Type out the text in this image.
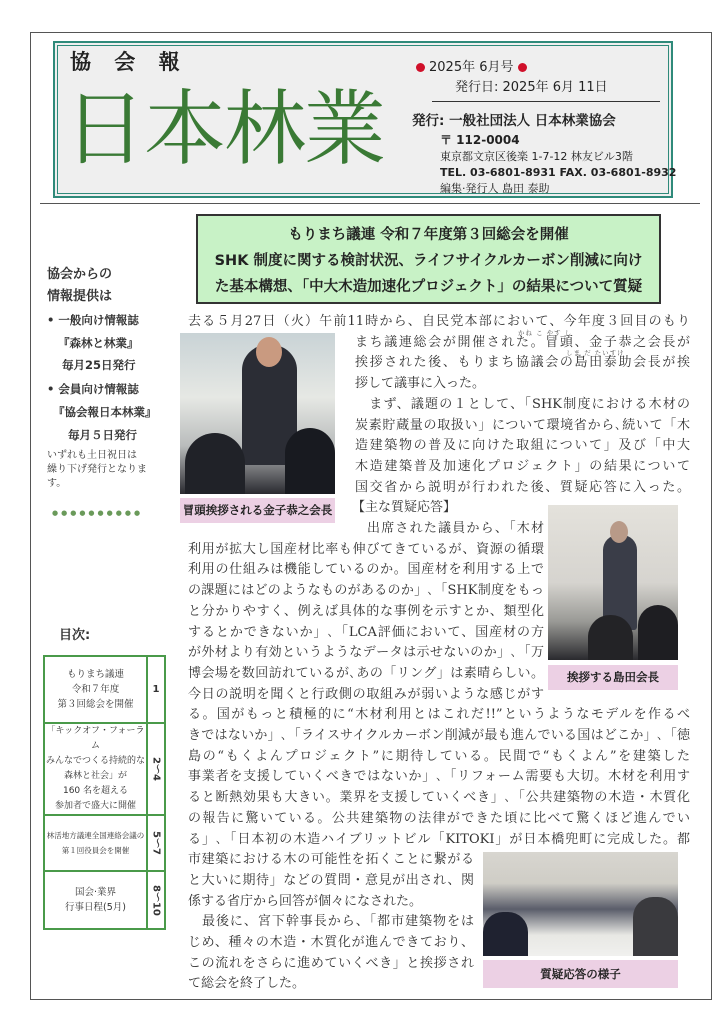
協 会 報
日本林業
2025年 6月号
発行日: 2025年 6月 11日
発行: 一般社団法人 日本林業協会
〒 112-0004
東京都文京区後楽 1-7-12 林友ビル3階
TEL. 03-6801-8931 FAX. 03-6801-8932
編集·発行人 島田 泰助
協会からの
情報提供は
• 一般向け情報誌
『森林と林業』
毎月25日発行
• 会員向け情報誌
『協会報日本林業』
毎月５日発行
いずれも土日祝日は
繰り下げ発行となりま
す。
●●●●●●●●●●
目次:
もりまち議連
令和７年度
第３回総会を開催	1

「キックオフ・フォーラム
みんなでつくる持続的な
森林と社会」が
160 名を超える
参加者で盛大に開催	2〜4

林活地方議連全国連絡会議の
第１回役員会を開催	5〜7

国会·業界
行事日程(5月)	8〜10
もりまち議連 令和７年度第３回総会を開催
SHK 制度に関する検討状況、ライフサイクルカーボン削減に向け
た基本構想、「中大木造加速化プロジェクト」の結果について質疑
冒頭挨拶される金子恭之会長
挨拶する島田会長
質疑応答の様子
かね こ やす し
しま だ たいすけ
去る５月27日（火）午前11時から、自民党本部において、今年度３回目のもり
まち議連総会が開催された。冒頭、金子恭之会長が
挨拶された後、もりまち協議会の島田泰助会長が挨
拶して議事に入った。
　まず、議題の１として、「SHK制度における木材の
炭素貯蔵量の取扱い」について環境省から､続いて「木
造建築物の普及に向けた取組について」及び「中大
木造建築普及加速化プロジェクト」の結果について
国交省から説明が行われた後、質疑応答に入った。
【主な質疑応答】
出席された議員から、「木材
利用が拡大し国産材比率も伸びてきているが、資源の循環
利用の仕組みは機能しているのか。国産材を利用する上で
の課題にはどのようなものがあるのか」､「SHK制度をもっ
と分かりやすく、例えば具体的な事例を示すとか、類型化
するとかできないか」､「LCA評価において、国産材の方
が外材より有効というようなデータは示せないのか」､「万
博会場を数回訪れているが､あの「リング」は素晴らしい。
今日の説明を聞くと行政側の取組みが弱いような感じがす
る。国がもっと積極的に“木材利用とはこれだ!!”というようなモデルを作るべ
きではないか」､「ライスサイクルカーボン削減が最も進んでいる国はどこか」､「徳
島の“もくよんプロジェクト”に期待している。民間で“もくよん”を建築した
事業者を支援していくべきではないか」､「リフォーム需要も大切。木材を利用す
ると断熱効果も大きい。業界を支援していくべき」､「公共建築物の木造・木質化
の報告に驚いている。公共建築物の法律ができた頃に比べて驚くほど進んでい
る」､「日本初の木造ハイブリットビル「KITOKI」が日本橋兜町に完成した。都
市建築における木の可能性を拓くことに繋がる
と大いに期待」などの質問・意見が出され、関
係する省庁から回答が個々になされた。
　最後に、宮下幹事長から、「都市建築物をは
じめ、種々の木造・木質化が進んできており、
この流れをさらに進めていくべき」と挨拶され
て総会を終了した。
